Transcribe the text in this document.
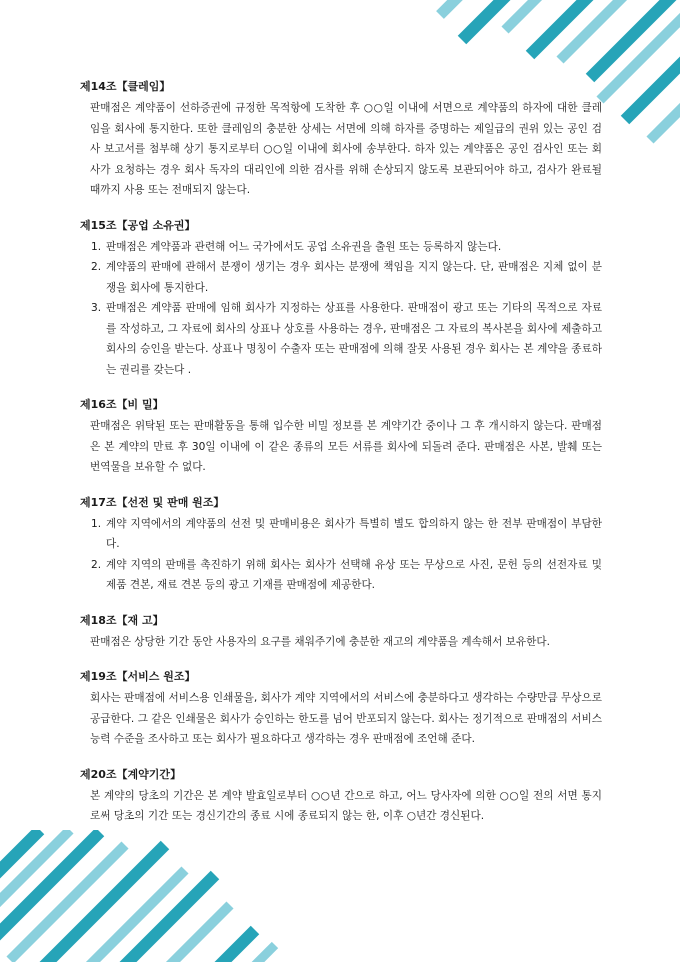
제14조【클레임】

판매점은 계약품이 선하증권에 규정한 목적항에 도착한 후 ○○일 이내에 서면으로 계약품의 하자에 대한 클레임을 회사에 통지한다. 또한 클레임의 충분한 상세는 서면에 의해 하자를 증명하는 제일급의 권위 있는 공인 검사 보고서를 첨부해 상기 통지로부터 ○○일 이내에 회사에 송부한다. 하자 있는 계약품은 공인 검사인 또는 회사가 요청하는 경우 회사 독자의 대리인에 의한 검사를 위해 손상되지 않도록 보관되어야 하고, 검사가 완료될 때까지 사용 또는 전매되지 않는다.

제15조【공업 소유권】
1. 판매점은 계약품과 관련해 어느 국가에서도 공업 소유권을 출원 또는 등록하지 않는다.
2. 계약품의 판매에 관해서 분쟁이 생기는 경우 회사는 분쟁에 책임을 지지 않는다. 단, 판매점은 지체 없이 분쟁을 회사에 통지한다.
3. 판매점은 계약품 판매에 임해 회사가 지정하는 상표를 사용한다. 판매점이 광고 또는 기타의 목적으로 자료를 작성하고, 그 자료에 회사의 상표나 상호를 사용하는 경우, 판매점은 그 자료의 복사본을 회사에 제출하고 회사의 승인을 받는다. 상표나 명칭이 수출자 또는 판매점에 의해 잘못 사용된 경우 회사는 본 계약을 종료하는 권리를 갖는다 .
제16조【비 밀】

판매점은 위탁된 또는 판매활동을 통해 입수한 비밀 정보를 본 계약기간 중이나 그 후 개시하지 않는다. 판매점은 본 계약의 만료 후 30일 이내에 이 같은 종류의 모든 서류를 회사에 되돌려 준다. 판매점은 사본, 발췌 또는 번역물을 보유할 수 없다.

제17조【선전 및 판매 원조】
1. 계약 지역에서의 계약품의 선전 및 판매비용은 회사가 특별히 별도 합의하지 않는 한 전부 판매점이 부담한다.
2. 계약 지역의 판매를 촉진하기 위해 회사는 회사가 선택해 유상 또는 무상으로 사진, 문헌 등의 선전자료 및 제품 견본, 재료 견본 등의 광고 기재를 판매점에 제공한다.
제18조【재 고】

판매점은 상당한 기간 동안 사용자의 요구를 채워주기에 충분한 재고의 계약품을 계속해서 보유한다.

제19조【서비스 원조】

회사는 판매점에 서비스용 인쇄물을, 회사가 계약 지역에서의 서비스에 충분하다고 생각하는 수량만큼 무상으로 공급한다. 그 같은 인쇄물은 회사가 승인하는 한도를 넘어 반포되지 않는다. 회사는 정기적으로 판매점의 서비스 능력 수준을 조사하고 또는 회사가 필요하다고 생각하는 경우 판매점에 조언해 준다.

제20조【계약기간】

본 계약의 당초의 기간은 본 계약 발효일로부터 ○○년 간으로 하고, 어느 당사자에 의한 ○○일 전의 서면 통지로써 당초의 기간 또는 경신기간의 종료 시에 종료되지 않는 한, 이후 ○년간 경신된다.
